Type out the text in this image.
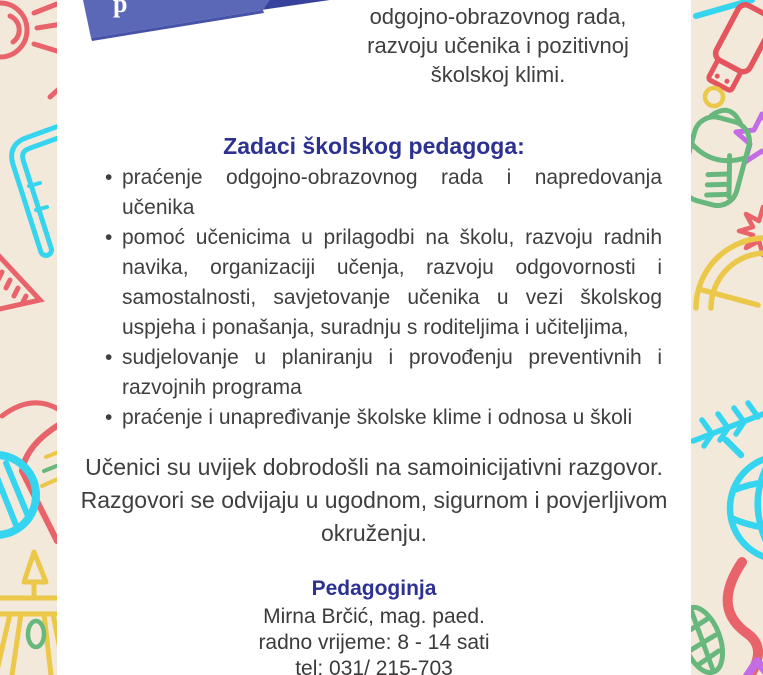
p	odgojno-obrazovnog rada,
razvoju učenika i pozitivnoj
školskoj klimi.
Zadaci školskog pedagoga:
• praćenje odgojno-obrazovnog rada i napredovanja učenika
• pomoć učenicima u prilagodbi na školu, razvoju radnih navika, organizaciji učenja, razvoju odgovornosti i samostalnosti, savjetovanje učenika u vezi školskog uspjeha i ponašanja, suradnju s roditeljima i učiteljima,
• sudjelovanje u planiranju i provođenju preventivnih i razvojnih programa
• praćenje i unapređivanje školske klime i odnosa u školi
Učenici su uvijek dobrodošli na samoinicijativni razgovor.
Razgovori se odvijaju u ugodnom, sigurnom i povjerljivom
okruženju.
Pedagoginja
Mirna Brčić, mag. paed.
radno vrijeme: 8 - 14 sati
tel: 031/ 215-703
